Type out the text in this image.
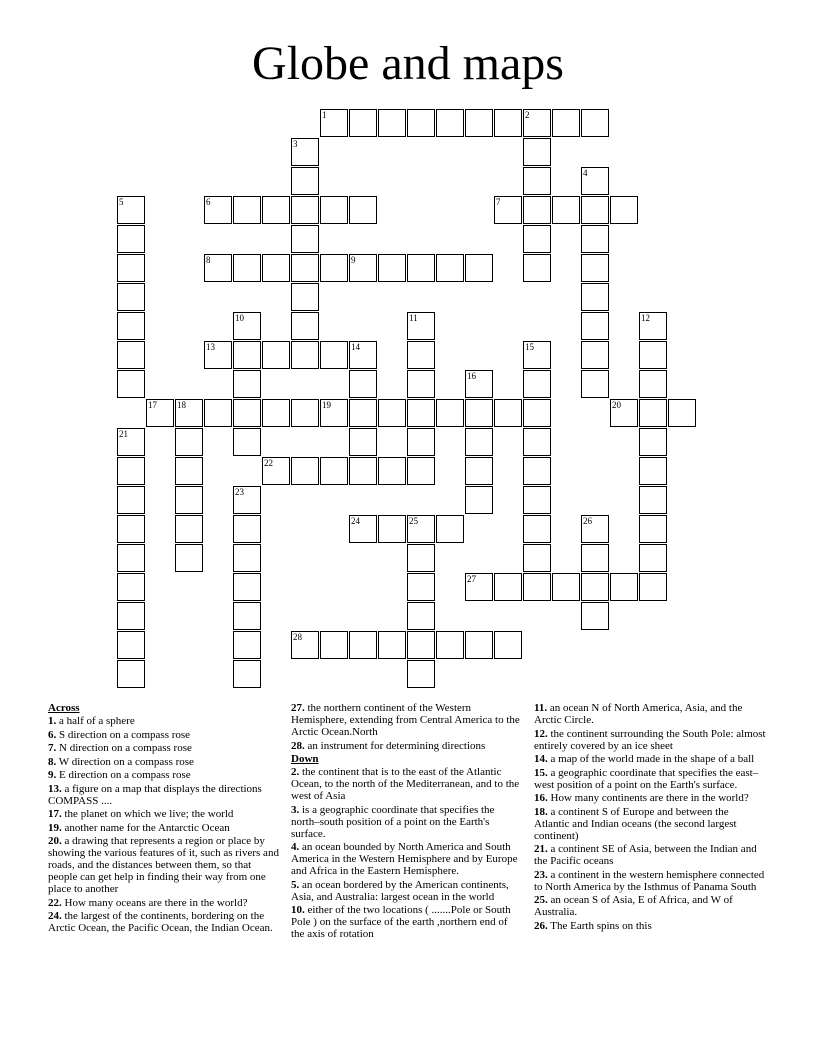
Globe and maps
1	2
3
4
5	6	7
8	9
10	11	12
13	14	15
16
17 18	19	20
21
22
23
24	25	26
27
28
Across
1. a half of a sphere
6. S direction on a compass rose
7. N direction on a compass rose
8. W direction on a compass rose
9. E direction on a compass rose
13. a figure on a map that displays the directions COMPASS ....
17. the planet on which we live; the world
19. another name for the Antarctic Ocean
20. a drawing that represents a region or place by showing the various features of it, such as rivers and roads, and the distances between them, so that people can get help in finding their way from one place to another
22. How many oceans are there in the world?
24. the largest of the continents, bordering on the Arctic Ocean, the Pacific Ocean, the Indian Ocean.
27. the northern continent of the Western Hemisphere, extending from Central America to the Arctic Ocean.North
28. an instrument for determining directions
Down
2. the continent that is to the east of the Atlantic Ocean, to the north of the Mediterranean, and to the west of Asia
3. is a geographic coordinate that specifies the north–south position of a point on the Earth's surface.
4. an ocean bounded by North America and South America in the Western Hemisphere and by Europe and Africa in the Eastern Hemisphere.
5. an ocean bordered by the American continents, Asia, and Australia: largest ocean in the world
10. either of the two locations ( .......Pole or South Pole ) on the surface of the earth ,northern end of the axis of rotation
11. an ocean N of North America, Asia, and the Arctic Circle.
12. the continent surrounding the South Pole: almost entirely covered by an ice sheet
14. a map of the world made in the shape of a ball
15. a geographic coordinate that specifies the east–west position of a point on the Earth's surface.
16. How many continents are there in the world?
18. a continent S of Europe and between the Atlantic and Indian oceans (the second largest continent)
21. a continent SE of Asia, between the Indian and the Pacific oceans
23. a continent in the western hemisphere connected to North America by the Isthmus of Panama South
25. an ocean S of Asia, E of Africa, and W of Australia.
26. The Earth spins on this
